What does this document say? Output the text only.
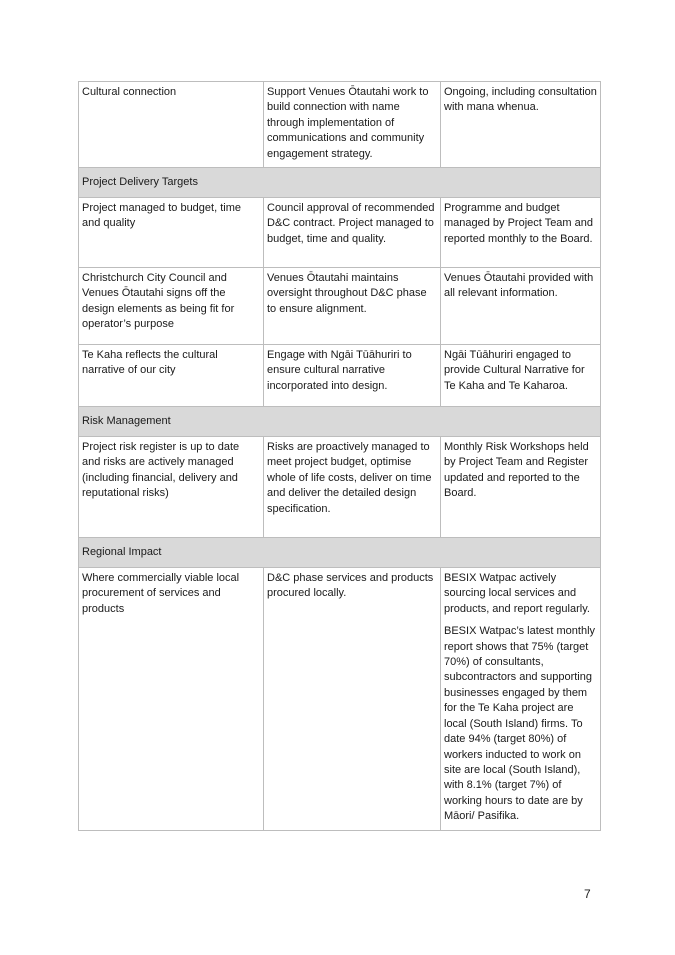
Cultural connection	Support Venues Ōtautahi work to build connection with name through implementation of communications and community engagement strategy.	Ongoing, including consultation with mana whenua.
Project Delivery Targets		
Project managed to budget, time and quality	Council approval of recommended D&C contract. Project managed to budget, time and quality.	Programme and budget managed by Project Team and reported monthly to the Board.
Christchurch City Council and Venues Ōtautahi signs off the design elements as being fit for operator’s purpose	Venues Ōtautahi maintains oversight throughout D&C phase to ensure alignment.	Venues Ōtautahi provided with all relevant information.
Te Kaha reflects the cultural narrative of our city	Engage with Ngāi Tūāhuriri to ensure cultural narrative incorporated into design.	Ngāi Tūāhuriri engaged to provide Cultural Narrative for Te Kaha and Te Kaharoa.
Risk Management		
Project risk register is up to date and risks are actively managed (including financial, delivery and reputational risks)	Risks are proactively managed to meet project budget, optimise whole of life costs, deliver on time and deliver the detailed design specification.	Monthly Risk Workshops held by Project Team and Register updated and reported to the Board.
Regional Impact		
Where commercially viable local procurement of services and products	D&C phase services and products procured locally.	BESIX Watpac actively sourcing local services and products, and report regularly.

BESIX Watpac’s latest monthly report shows that 75% (target 70%) of consultants, subcontractors and supporting businesses engaged by them for the Te Kaha project are local (South Island) firms. To date 94% (target 80%) of workers inducted to work on site are local (South Island), with 8.1% (target 7%) of working hours to date are by Māori/ Pasifika.

7
